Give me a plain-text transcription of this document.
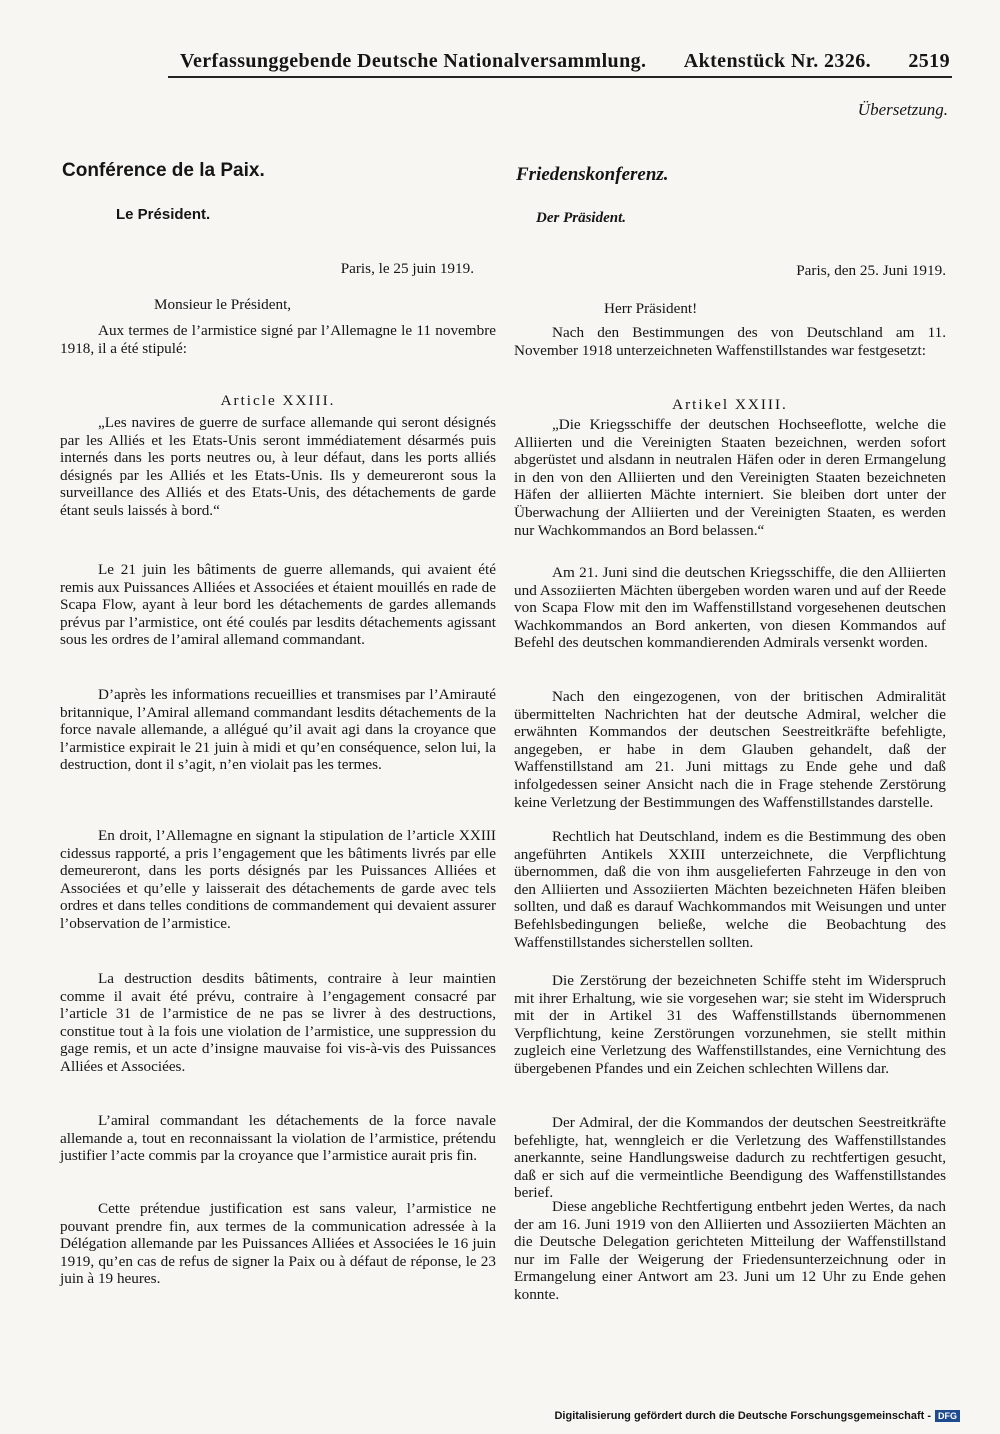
Verfassunggebende Deutsche Nationalversammlung. Aktenstück Nr. 2326. 2519
Übersetzung.
Conférence de la Paix.
Le Président.
Paris, le 25 juin 1919.
Monsieur le Président,

Aux termes de l’armistice signé par l’Allemagne le 11 novembre 1918, il a été stipulé:

Article XXIII.

„Les navires de guerre de surface allemande qui seront désignés par les Alliés et les Etats-Unis seront immédiatement désarmés puis internés dans les ports neutres ou, à leur défaut, dans les ports alliés désignés par les Alliés et les Etats-Unis. Ils y demeureront sous la surveillance des Alliés et des Etats-Unis, des détachements de garde étant seuls laissés à bord.“

Le 21 juin les bâtiments de guerre allemands, qui avaient été remis aux Puissances Alliées et Associées et étaient mouillés en rade de Scapa Flow, ayant à leur bord les détachements de gardes allemands prévus par l’armistice, ont été coulés par lesdits détachements agissant sous les ordres de l’amiral allemand commandant.

D’après les informations recueillies et transmises par l’Amirauté britannique, l’Amiral allemand commandant lesdits détachements de la force navale allemande, a allégué qu’il avait agi dans la croyance que l’armistice expirait le 21 juin à midi et qu’en conséquence, selon lui, la destruction, dont il s’agit, n’en violait pas les termes.

En droit, l’Allemagne en signant la stipulation de l’article XXIII cidessus rapporté, a pris l’engagement que les bâtiments livrés par elle demeureront, dans les ports désignés par les Puissances Alliées et Associées et qu’elle y laisserait des détachements de garde avec tels ordres et dans telles conditions de commandement qui devaient assurer l’observation de l’armistice.

La destruction desdits bâtiments, contraire à leur maintien comme il avait été prévu, contraire à l’engagement consacré par l’article 31 de l’armistice de ne pas se livrer à des destructions, constitue tout à la fois une violation de l’armistice, une suppression du gage remis, et un acte d’insigne mauvaise foi vis-à-vis des Puissances Alliées et Associées.

L’amiral commandant les détachements de la force navale allemande a, tout en reconnaissant la violation de l’armistice, prétendu justifier l’acte commis par la croyance que l’armistice aurait pris fin.

Cette prétendue justification est sans valeur, l’armistice ne pouvant prendre fin, aux termes de la communication adressée à la Délégation allemande par les Puissances Alliées et Associées le 16 juin 1919, qu’en cas de refus de signer la Paix ou à défaut de réponse, le 23 juin à 19 heures.

Friedenskonferenz.
Der Präsident.
Paris, den 25. Juni 1919.
Herr Präsident!

Nach den Bestimmungen des von Deutschland am 11. November 1918 unterzeichneten Waffenstillstandes war festgesetzt:

Artikel XXIII.

„Die Kriegsschiffe der deutschen Hochseeflotte, welche die Alliierten und die Vereinigten Staaten bezeichnen, werden sofort abgerüstet und alsdann in neutralen Häfen oder in deren Ermangelung in den von den Alliierten und den Vereinigten Staaten bezeichneten Häfen der alliierten Mächte interniert. Sie bleiben dort unter der Überwachung der Alliierten und der Vereinigten Staaten, es werden nur Wachkommandos an Bord belassen.“

Am 21. Juni sind die deutschen Kriegsschiffe, die den Alliierten und Assoziierten Mächten übergeben worden waren und auf der Reede von Scapa Flow mit den im Waffenstillstand vorgesehenen deutschen Wachkommandos an Bord ankerten, von diesen Kommandos auf Befehl des deutschen kommandierenden Admirals versenkt worden.

Nach den eingezogenen, von der britischen Admiralität übermittelten Nachrichten hat der deutsche Admiral, welcher die erwähnten Kommandos der deutschen Seestreitkräfte befehligte, angegeben, er habe in dem Glauben gehandelt, daß der Waffenstillstand am 21. Juni mittags zu Ende gehe und daß infolgedessen seiner Ansicht nach die in Frage stehende Zerstörung keine Verletzung der Bestimmungen des Waffenstillstandes darstelle.

Rechtlich hat Deutschland, indem es die Bestimmung des oben angeführten Antikels XXIII unterzeichnete, die Verpflichtung übernommen, daß die von ihm ausgelieferten Fahrzeuge in den von den Alliierten und Assoziierten Mächten bezeichneten Häfen bleiben sollten, und daß es darauf Wachkommandos mit Weisungen und unter Befehlsbedingungen beließe, welche die Beobachtung des Waffenstillstandes sicherstellen sollten.

Die Zerstörung der bezeichneten Schiffe steht im Widerspruch mit ihrer Erhaltung, wie sie vorgesehen war; sie steht im Widerspruch mit der in Artikel 31 des Waffenstillstands übernommenen Verpflichtung, keine Zerstörungen vorzunehmen, sie stellt mithin zugleich eine Verletzung des Waffenstillstandes, eine Vernichtung des übergebenen Pfandes und ein Zeichen schlechten Willens dar.

Der Admiral, der die Kommandos der deutschen Seestreitkräfte befehligte, hat, wenngleich er die Verletzung des Waffenstillstandes anerkannte, seine Handlungsweise dadurch zu rechtfertigen gesucht, daß er sich auf die vermeintliche Beendigung des Waffenstillstandes berief.

Diese angebliche Rechtfertigung entbehrt jeden Wertes, da nach der am 16. Juni 1919 von den Alliierten und Assoziierten Mächten an die Deutsche Delegation gerichteten Mitteilung der Waffenstillstand nur im Falle der Weigerung der Friedensunterzeichnung oder in Ermangelung einer Antwort am 23. Juni um 12 Uhr zu Ende gehen konnte.

Digitalisierung gefördert durch die Deutsche Forschungsgemeinschaft - DFG
